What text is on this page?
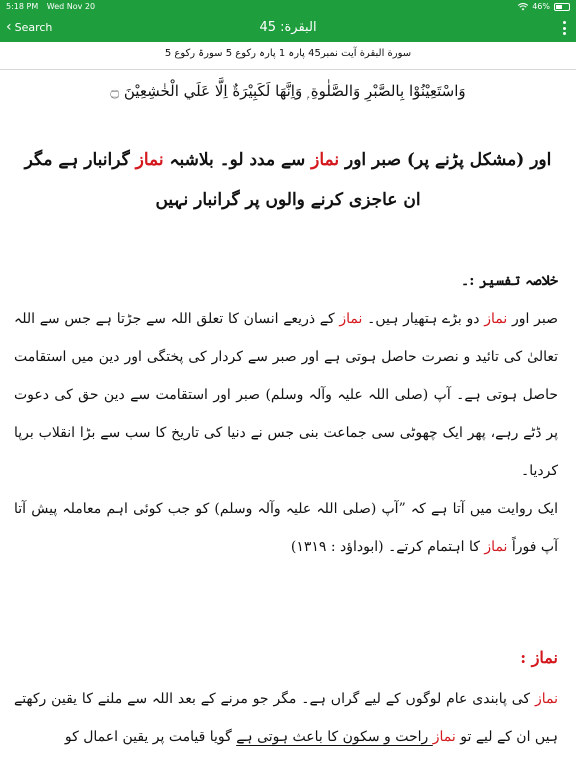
5:18 PM Wed Nov 20	46%
‹ Search	البقرة: 45
سورة البقرة آیت نمبر45 پارہ 1 پارہ رکوع 5 سورۃ رکوع 5
وَاسْتَعِيْنُوْا بِالصَّبْرِ وَالصَّلٰوةِ ۭ وَاِنَّهَا لَكَبِيْرَةٌ اِلَّا عَلَي الْخٰشِعِيْنَ ۝
اور (مشکل پڑنے پر) صبر اور نماز سے مدد لو۔ بلاشبہ نماز گرانبار ہے مگر ان عاجزی کرنے والوں پر گرانبار نہیں

خلاصہ تفسیر :۔

صبر اور نماز دو بڑے ہتھیار ہیں۔ نماز کے ذریعے انسان کا تعلق اللہ سے جڑتا ہے جس سے اللہ تعالیٰ کی تائید و نصرت حاصل ہوتی ہے اور صبر سے کردار کی پختگی اور دین میں استقامت حاصل ہوتی ہے۔ آپ (صلی اللہ علیہ وآلہ وسلم) صبر اور استقامت سے دین حق کی دعوت پر ڈٹے رہے، پھر ایک چھوٹی سی جماعت بنی جس نے دنیا کی تاریخ کا سب سے بڑا انقلاب برپا کردیا۔

ایک روایت میں آتا ہے کہ ”آپ (صلی اللہ علیہ وآلہ وسلم) کو جب کوئی اہم معاملہ پیش آتا آپ فوراً نماز کا اہتمام کرتے۔ (ابوداؤد : ۱۳۱۹)

نماز :

نماز کی پابندی عام لوگوں کے لیے گراں ہے۔ مگر جو مرنے کے بعد اللہ سے ملنے کا یقین رکھتے ہیں ان کے لیے تو نماز راحت و سکون کا باعث ہوتی ہے گویا قیامت پر یقین اعمال کو
